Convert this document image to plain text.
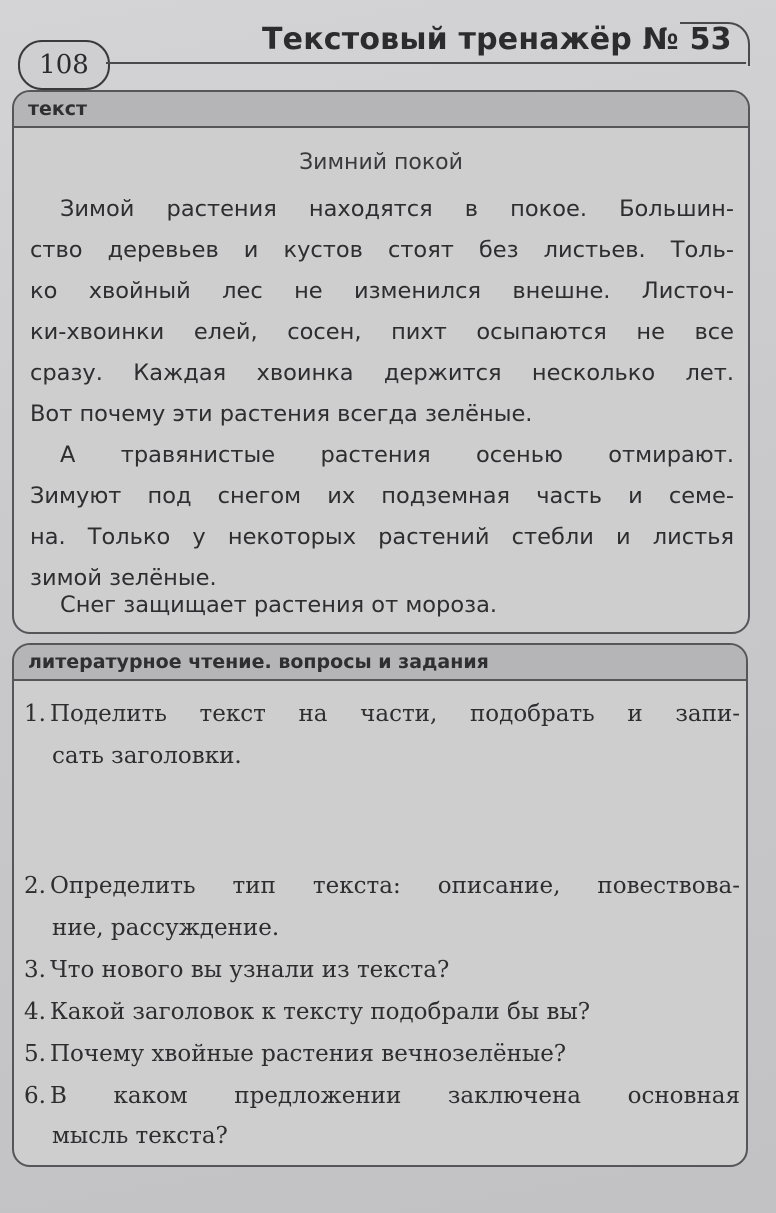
108
Текстовый тренажёр № 53
текст
Зимний покой
Зимой растения находятся в покое. Большин-
ство деревьев и кустов стоят без листьев. Толь-
ко хвойный лес не изменился внешне. Листоч-
ки-хвоинки елей, сосен, пихт осыпаются не все
сразу. Каждая хвоинка держится несколько лет.
Вот почему эти растения всегда зелёные.
А травянистые растения осенью отмирают.
Зимуют под снегом их подземная часть и семе-
на. Только у некоторых растений стебли и листья
зимой зелёные.
Снег защищает растения от мороза.
литературное чтение. вопросы и задания
1. Поделить текст на части, подобрать и запи-
сать заголовки.
2. Определить тип текста: описание, повествова-
ние, рассуждение.
3. Что нового вы узнали из текста?
4. Какой заголовок к тексту подобрали бы вы?
5. Почему хвойные растения вечнозелёные?
6. В каком предложении заключена основная
мысль текста?
